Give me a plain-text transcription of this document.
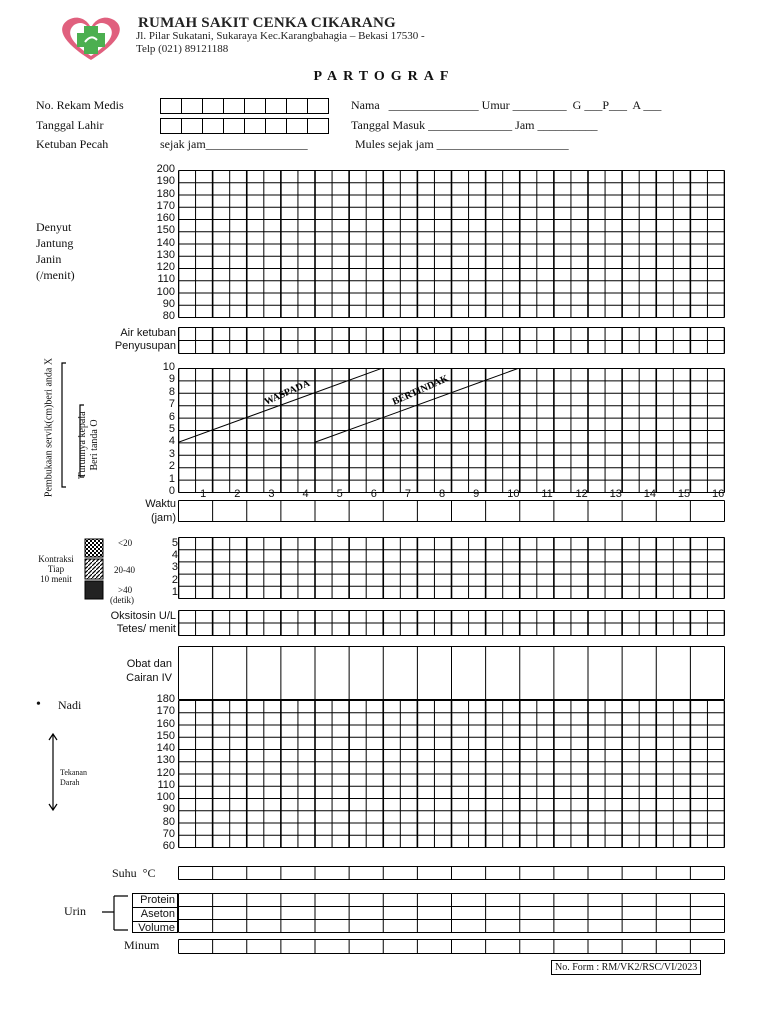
RUMAH SAKIT CENKA CIKARANG
Jl. Pilar Sukatani, Sukaraya Kec.Karangbahagia – Bekasi 17530 -
Telp (021) 89121188
PARTOGRAF
No. Rekam Medis
Tanggal Lahir
Ketuban Pecah	sejak jam_________________
Nama   _______________ Umur _________  G ___P___  A ___
Tanggal Masuk ______________ Jam __________
Mules sejak jam ______________________
Denyut
Jantung
Janin
(/menit)
200
190
180
170
160
150
140
130
120
110
100
90
80
Air ketuban
Penyusupan
Pembukaan servik(cm)beri anda X Turunnya kepala Beri tanda O
10
9
8
7
6
5
4
3
2
1
0
WASPADA	BERTINDAK
1	2	3	4	5	6	7	8	9	10 11 12 13 14 15 16
Waktu
(jam)
Kontraksi
Tiap
10 menit
<20
20-40
>40
(detik)
5
4
3
2
1
Oksitosin U/L
Tetes/ menit
Obat dan
Cairan IV
• Nadi
Tekanan
Darah
180
170
160
150
140
130
120
110
100
90
80
70
60
Suhu  °C
Urin
Protein
Aseton
Volume
Minum
No. Form : RM/VK2/RSC/VI/2023
